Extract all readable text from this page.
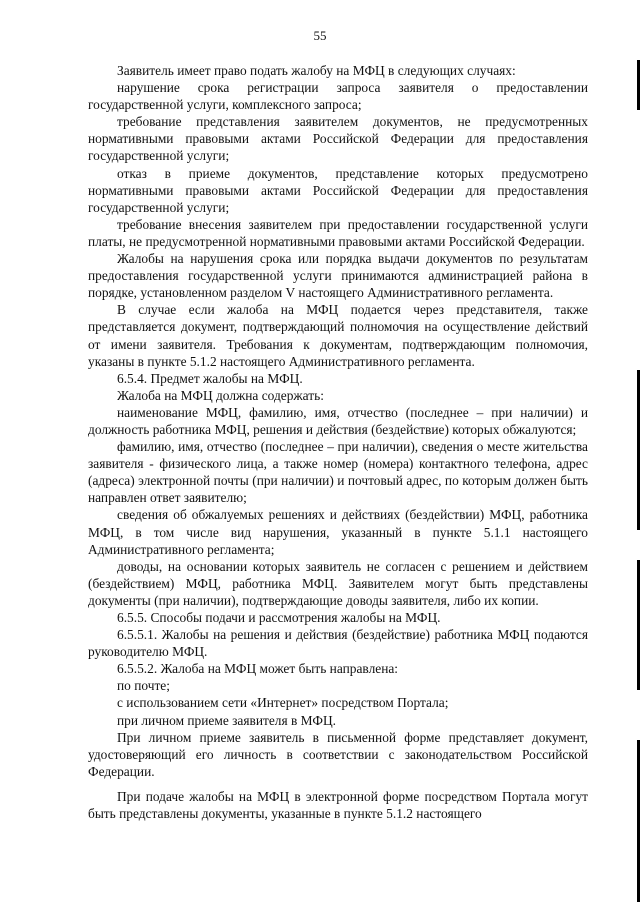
55

Заявитель имеет право подать жалобу на МФЦ в следующих случаях:

нарушение срока регистрации запроса заявителя о предоставлении государственной услуги, комплексного запроса;

требование представления заявителем документов, не предусмотренных нормативными правовыми актами Российской Федерации для предоставления государственной услуги;

отказ в приеме документов, представление которых предусмотрено нормативными правовыми актами Российской Федерации для предоставления государственной услуги;

требование внесения заявителем при предоставлении государственной услуги платы, не предусмотренной нормативными правовыми актами Российской Федерации.

Жалобы на нарушения срока или порядка выдачи документов по результатам предоставления государственной услуги принимаются администрацией района в порядке, установленном разделом V настоящего Административного регламента.

В случае если жалоба на МФЦ подается через представителя, также представляется документ, подтверждающий полномочия на осуществление действий от имени заявителя. Требования к документам, подтверждающим полномочия, указаны в пункте 5.1.2 настоящего Административного регламента.

6.5.4. Предмет жалобы на МФЦ.

Жалоба на МФЦ должна содержать:

наименование МФЦ, фамилию, имя, отчество (последнее – при наличии) и должность работника МФЦ, решения и действия (бездействие) которых обжалуются;

фамилию, имя, отчество (последнее – при наличии), сведения о месте жительства заявителя - физического лица, а также номер (номера) контактного телефона, адрес (адреса) электронной почты (при наличии) и почтовый адрес, по которым должен быть направлен ответ заявителю;

сведения об обжалуемых решениях и действиях (бездействии) МФЦ, работника МФЦ, в том числе вид нарушения, указанный в пункте 5.1.1 настоящего Административного регламента;

доводы, на основании которых заявитель не согласен с решением и действием (бездействием) МФЦ, работника МФЦ. Заявителем могут быть представлены документы (при наличии), подтверждающие доводы заявителя, либо их копии.

6.5.5. Способы подачи и рассмотрения жалобы на МФЦ.

6.5.5.1. Жалобы на решения и действия (бездействие) работника МФЦ подаются руководителю МФЦ.

6.5.5.2. Жалоба на МФЦ может быть направлена:

по почте;

с использованием сети «Интернет» посредством Портала;

при личном приеме заявителя в МФЦ.

При личном приеме заявитель в письменной форме представляет документ, удостоверяющий его личность в соответствии с законодательством Российской Федерации.

При подаче жалобы на МФЦ в электронной форме посредством Портала могут быть представлены документы, указанные в пункте 5.1.2 настоящего
